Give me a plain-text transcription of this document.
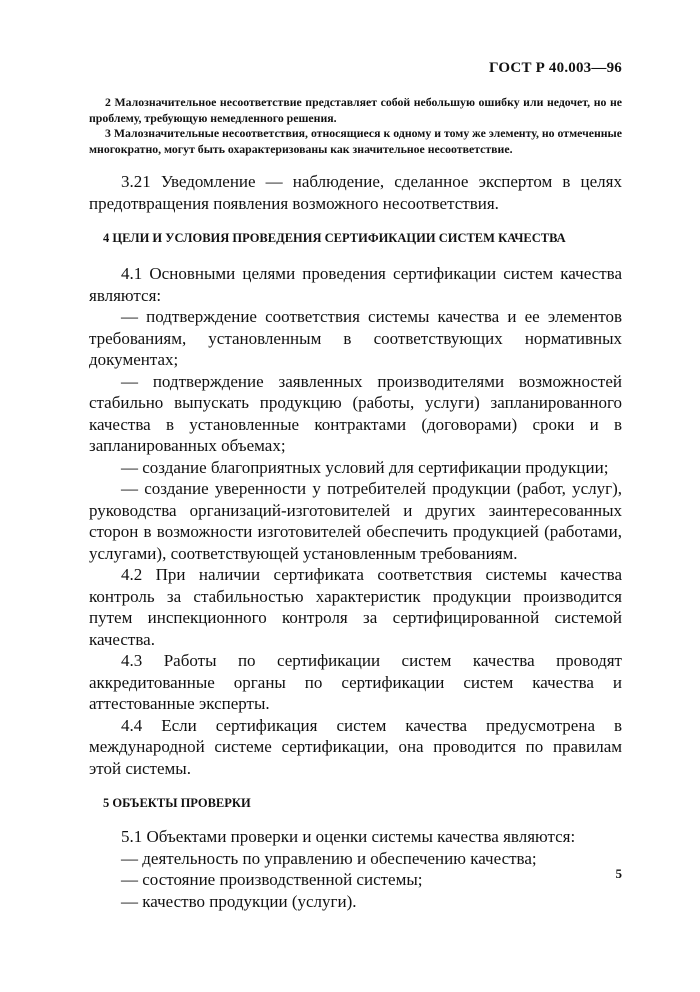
ГОСТ Р 40.003—96

2 Малозначительное несоответствие представляет собой небольшую ошибку или недочет, но не проблему, требующую немедленного решения.

3 Малозначительные несоответствия, относящиеся к одному и тому же элементу, но отмеченные многократно, могут быть охарактеризованы как значительное несоответствие.

3.21 Уведомление — наблюдение, сделанное экспертом в целях предотвращения появления возможного несоответствия.

4 ЦЕЛИ И УСЛОВИЯ ПРОВЕДЕНИЯ СЕРТИФИКАЦИИ СИСТЕМ КАЧЕСТВА

4.1 Основными целями проведения сертификации систем качества являются:

— подтверждение соответствия системы качества и ее элементов требованиям, установленным в соответствующих нормативных документах;

— подтверждение заявленных производителями возможностей стабильно выпускать продукцию (работы, услуги) запланированного качества в установленные контрактами (договорами) сроки и в запланированных объемах;

— создание благоприятных условий для сертификации продукции;

— создание уверенности у потребителей продукции (работ, услуг), руководства организаций-изготовителей и других заинтересованных сторон в возможности изготовителей обеспечить продукцией (работами, услугами), соответствующей установленным требованиям.

4.2 При наличии сертификата соответствия системы качества контроль за стабильностью характеристик продукции производится путем инспекционного контроля за сертифицированной системой качества.

4.3 Работы по сертификации систем качества проводят аккредитованные органы по сертификации систем качества и аттестованные эксперты.

4.4 Если сертификация систем качества предусмотрена в международной системе сертификации, она проводится по правилам этой системы.

5 ОБЪЕКТЫ ПРОВЕРКИ

5.1 Объектами проверки и оценки системы качества являются:

— деятельность по управлению и обеспечению качества;

— состояние производственной системы;

— качество продукции (услуги).

5
